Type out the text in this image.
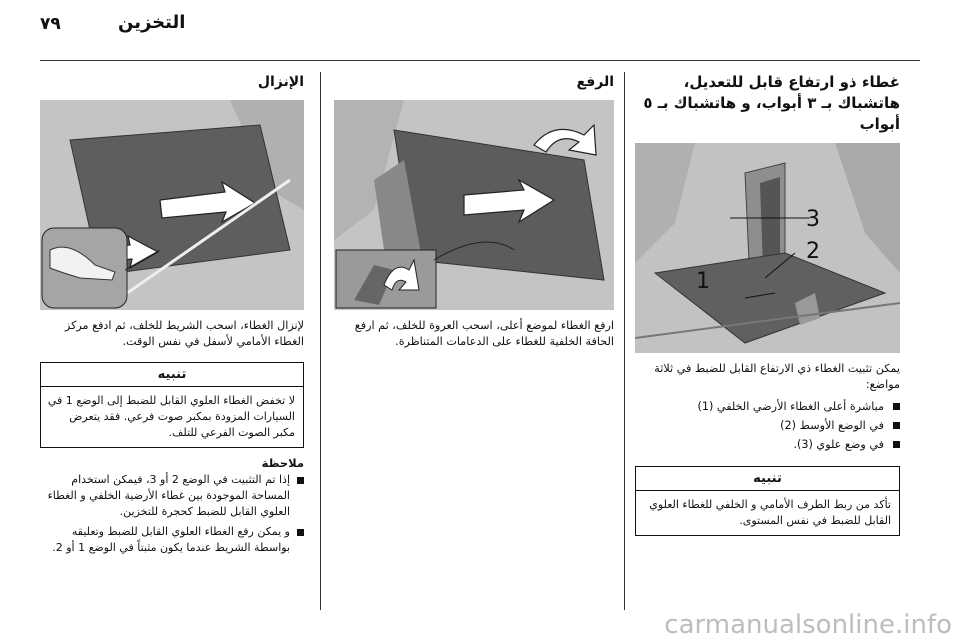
٧٩	التخزين
غطاء ذو ارتفاع قابل للتعديل، هاتشباك بـ ٣ أبواب، و هاتشباك بـ ٥ أبواب
3
2
1

يمكن تثبيت الغطاء ذي الارتفاع القابل للضبط في ثلاثة مواضع:

مباشرة أعلى الغطاء الأرضي الخلفي (1)
في الوضع الأوسط (2)
في وضع علوي (3).
تنبيه
تأكد من ربط الطرف الأمامي و الخلفي للغطاء العلوي القابل للضبط في نفس المستوى.
الرفع

ارفع الغطاء لموضع أعلى، اسحب العروة للخلف، ثم ارفع الحافة الخلفية للغطاء على الدعامات المتناظرة.

الإنزال

لإنزال الغطاء، اسحب الشريط للخلف، ثم ادفع مركز الغطاء الأمامي لأسفل في نفس الوقت.

تنبيه
لا تخفض الغطاء العلوي القابل للضبط إلى الوضع 1 في السيارات المزودة بمكبر صوت فرعي. فقد يتعرض مكبر الصوت الفرعي للتلف.
ملاحظة
إذا تم التثبيت في الوضع 2 أو 3، فيمكن استخدام المساحة الموجودة بين غطاء الأرضية الخلفي و الغطاء العلوي القابل للضبط كحجرة للتخزين.
و يمكن رفع الغطاء العلوي القابل للضبط وتعليقه بواسطة الشريط عندما يكون مثبتاً في الوضع 1 أو 2.
carmanualsonline.info
